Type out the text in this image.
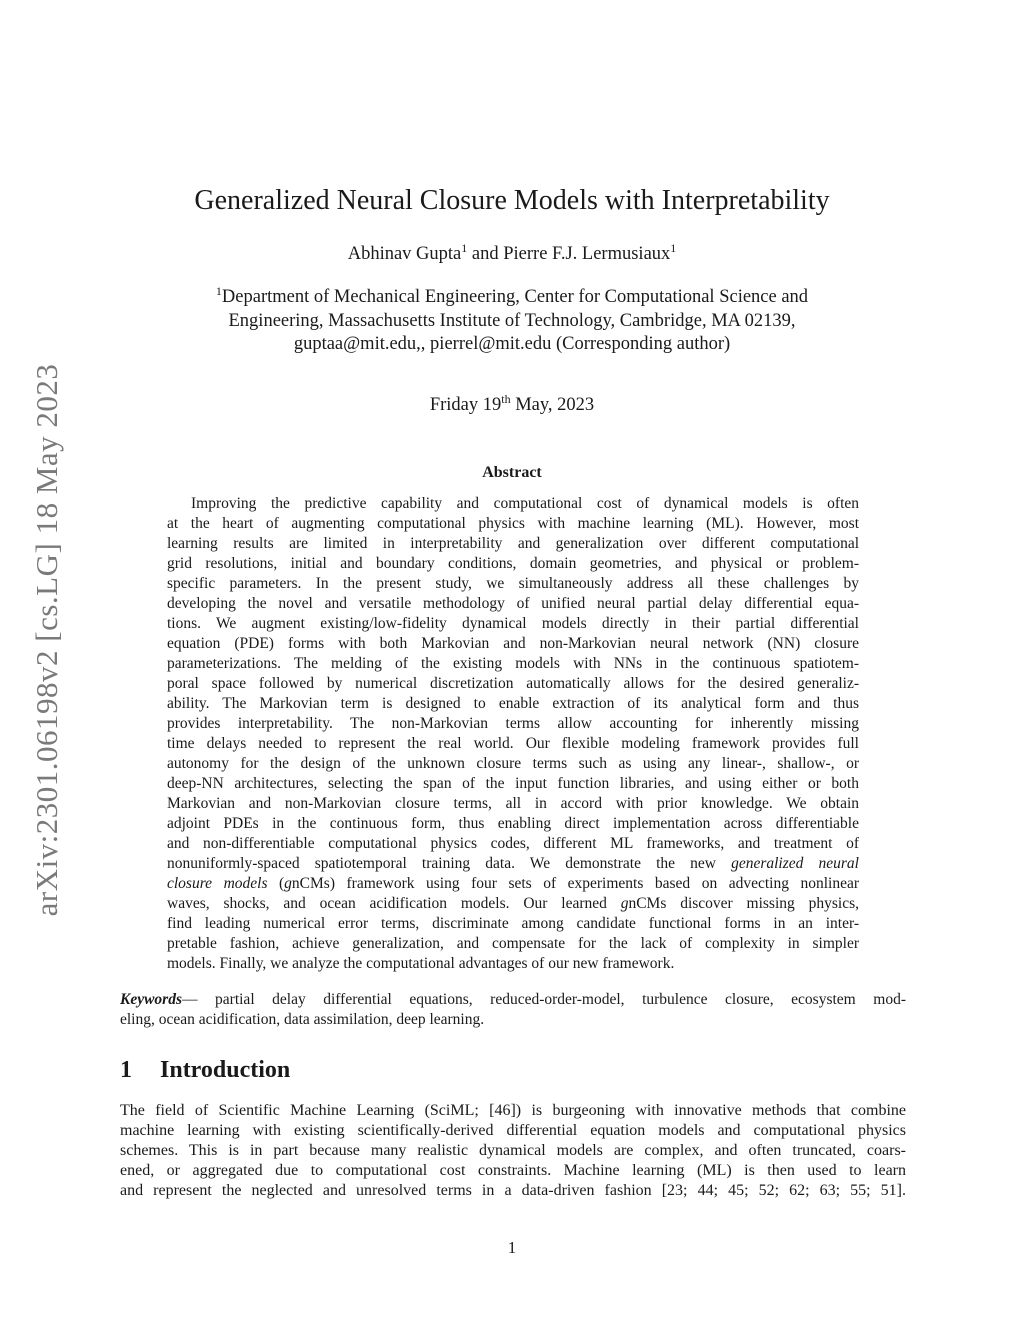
arXiv:2301.06198v2 [cs.LG] 18 May 2023
Generalized Neural Closure Models with Interpretability
Abhinav Gupta$^1$ and Pierre F.J. Lermusiaux$^1$
$^1$Department of Mechanical Engineering, Center for Computational Science and
Engineering, Massachusetts Institute of Technology, Cambridge, MA 02139,
guptaa@mit.edu,, pierrel@mit.edu (Corresponding author)
Friday 19th May, 2023
Abstract
Improving the predictive capability and computational cost of dynamical models is often
at the heart of augmenting computational physics with machine learning (ML). However, most
learning results are limited in interpretability and generalization over different computational
grid resolutions, initial and boundary conditions, domain geometries, and physical or problem-
specific parameters. In the present study, we simultaneously address all these challenges by
developing the novel and versatile methodology of unified neural partial delay differential equa-
tions. We augment existing/low-fidelity dynamical models directly in their partial differential
equation (PDE) forms with both Markovian and non-Markovian neural network (NN) closure
parameterizations. The melding of the existing models with NNs in the continuous spatiotem-
poral space followed by numerical discretization automatically allows for the desired generaliz-
ability. The Markovian term is designed to enable extraction of its analytical form and thus
provides interpretability. The non-Markovian terms allow accounting for inherently missing
time delays needed to represent the real world. Our flexible modeling framework provides full
autonomy for the design of the unknown closure terms such as using any linear-, shallow-, or
deep-NN architectures, selecting the span of the input function libraries, and using either or both
Markovian and non-Markovian closure terms, all in accord with prior knowledge. We obtain
adjoint PDEs in the continuous form, thus enabling direct implementation across differentiable
and non-differentiable computational physics codes, different ML frameworks, and treatment of
nonuniformly-spaced spatiotemporal training data. We demonstrate the new generalized neural
closure models (gnCMs) framework using four sets of experiments based on advecting nonlinear
waves, shocks, and ocean acidification models. Our learned gnCMs discover missing physics,
find leading numerical error terms, discriminate among candidate functional forms in an inter-
pretable fashion, achieve generalization, and compensate for the lack of complexity in simpler
models. Finally, we analyze the computational advantages of our new framework.
Keywords— partial delay differential equations, reduced-order-model, turbulence closure, ecosystem mod-
eling, ocean acidification, data assimilation, deep learning.
1 Introduction
The field of Scientific Machine Learning (SciML; [46]) is burgeoning with innovative methods that combine
machine learning with existing scientifically-derived differential equation models and computational physics
schemes. This is in part because many realistic dynamical models are complex, and often truncated, coars-
ened, or aggregated due to computational cost constraints. Machine learning (ML) is then used to learn
and represent the neglected and unresolved terms in a data-driven fashion [23; 44; 45; 52; 62; 63; 55; 51].
1
